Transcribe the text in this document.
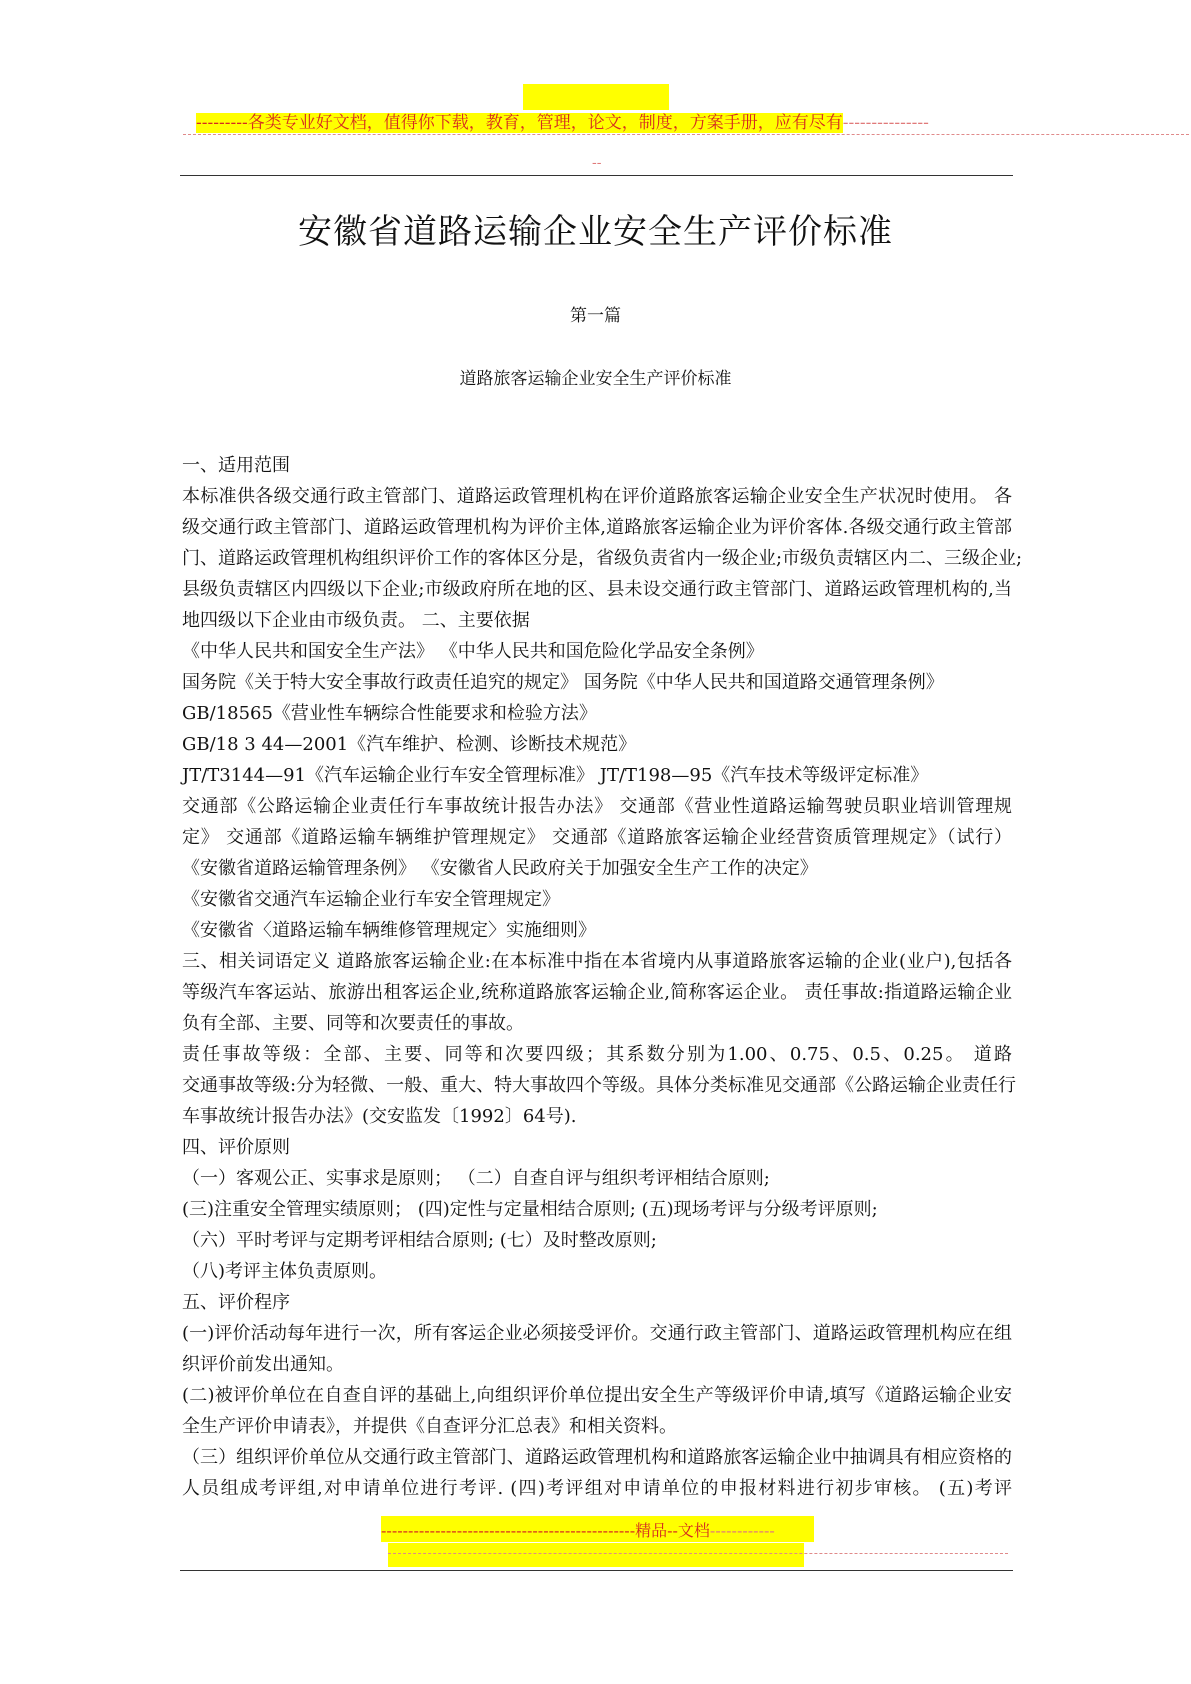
---------各类专业好文档，值得你下载，教育，管理，论文，制度，方案手册，应有尽有---------------
--
安徽省道路运输企业安全生产评价标准
第一篇
道路旅客运输企业安全生产评价标准

一、适用范围

本标准供各级交通行政主管部门、道路运政管理机构在评价道路旅客运输企业安全生产状况时使用。 各

级交通行政主管部门、道路运政管理机构为评价主体,道路旅客运输企业为评价客体.各级交通行政主管部

门、道路运政管理机构组织评价工作的客体区分是，省级负责省内一级企业;市级负责辖区内二、三级企业;

县级负责辖区内四级以下企业;市级政府所在地的区、县未设交通行政主管部门、道路运政管理机构的,当

地四级以下企业由市级负责。 二、主要依据

《中华人民共和国安全生产法》 《中华人民共和国危险化学品安全条例》

国务院《关于特大安全事故行政责任追究的规定》 国务院《中华人民共和国道路交通管理条例》

GB/18565《营业性车辆综合性能要求和检验方法》

GB/18 3 44—2001《汽车维护、检测、诊断技术规范》

JT/T3144—91《汽车运输企业行车安全管理标准》 JT/T198—95《汽车技术等级评定标准》

交通部《公路运输企业责任行车事故统计报告办法》 交通部《营业性道路运输驾驶员职业培训管理规

定》 交通部《道路运输车辆维护管理规定》 交通部《道路旅客运输企业经营资质管理规定》（试行）

《安徽省道路运输管理条例》 《安徽省人民政府关于加强安全生产工作的决定》

《安徽省交通汽车运输企业行车安全管理规定》

《安徽省〈道路运输车辆维修管理规定〉实施细则》

三、相关词语定义 道路旅客运输企业:在本标准中指在本省境内从事道路旅客运输的企业(业户),包括各

等级汽车客运站、旅游出租客运企业,统称道路旅客运输企业,简称客运企业。 责任事故:指道路运输企业

负有全部、主要、同等和次要责任的事故。

责任事故等级：全部、主要、同等和次要四级；其系数分别为1.00、0.75、0.5、0.25。 道路

交通事故等级:分为轻微、一般、重大、特大事故四个等级。具体分类标准见交通部《公路运输企业责任行

车事故统计报告办法》(交安监发〔1992〕64号).

四、评价原则

（一）客观公正、实事求是原则； （二）自查自评与组织考评相结合原则;

(三)注重安全管理实绩原则； (四)定性与定量相结合原则; (五)现场考评与分级考评原则;

（六）平时考评与定期考评相结合原则; (七）及时整改原则;

（八)考评主体负责原则。

五、评价程序

(一)评价活动每年进行一次，所有客运企业必须接受评价。交通行政主管部门、道路运政管理机构应在组

织评价前发出通知。

(二)被评价单位在自查自评的基础上,向组织评价单位提出安全生产等级评价申请,填写《道路运输企业安

全生产评价申请表》，并提供《自查评分汇总表》和相关资料。

（三）组织评价单位从交通行政主管部门、道路运政管理机构和道路旅客运输企业中抽调具有相应资格的

人员组成考评组,对申请单位进行考评. (四)考评组对申请单位的申报材料进行初步审核。 (五)考评

-----------------------------------------------精品--文档------------
